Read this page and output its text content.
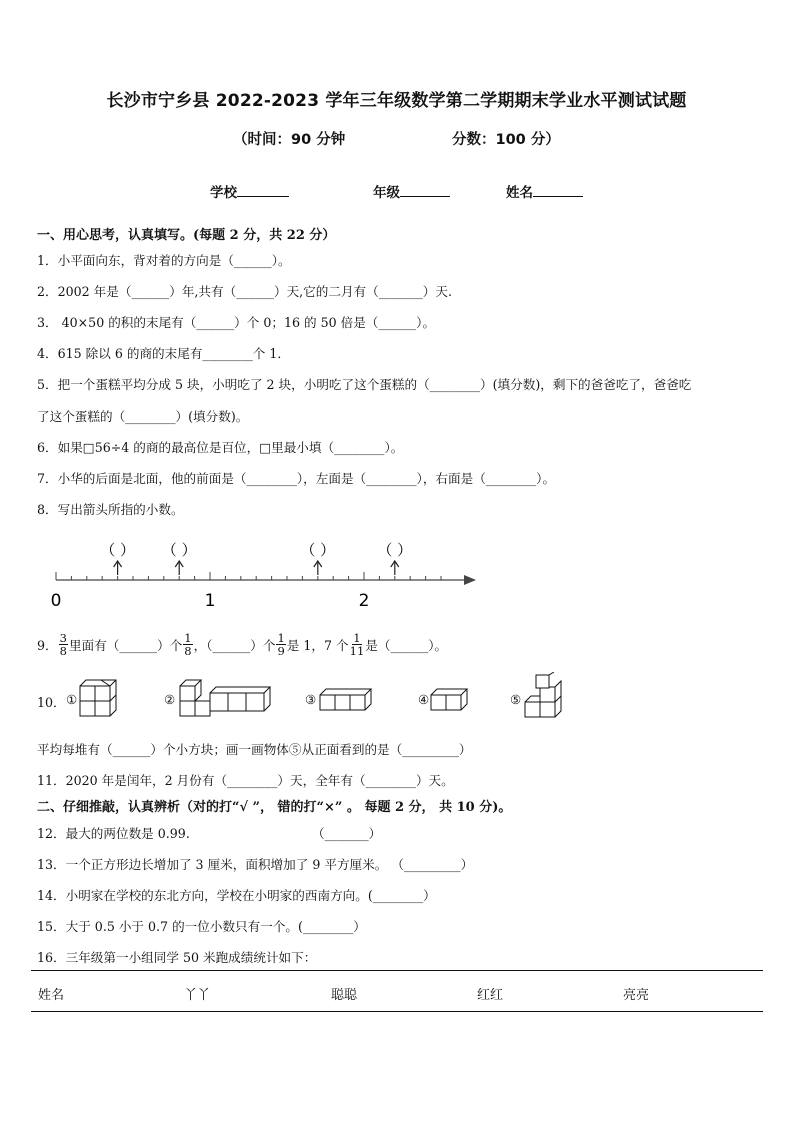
长沙市宁乡县 2022-2023 学年三年级数学第二学期期末学业水平测试试题
（时间：90 分钟	分数：100 分）
学校	年级	姓名
一、用心思考，认真填写。(每题 2 分，共 22 分）
1．小平面向东，背对着的方向是（______）。
2．2002 年是（______）年,共有（______）天,它的二月有（_______）天.
3． 40×50 的积的末尾有（______）个 0；16 的 50 倍是（______）。
4．615 除以 6 的商的末尾有________个 1．
5．把一个蛋糕平均分成 5 块，小明吃了 2 块，小明吃了这个蛋糕的（________）(填分数)，剩下的爸爸吃了，爸爸吃
了这个蛋糕的（________）(填分数)。
6．如果□56÷4 的商的最高位是百位，□里最小填（________）。
7．小华的后面是北面，他的前面是（________），左面是（________），右面是（________）。
8．写出箭头所指的小数。
0	1	2
（ ） （ ）	（ ）	（ ）
9． $\frac{3}{8}$ 里面有（______）个 $\frac{1}{8}$ ，（______）个 $\frac{1}{9}$ 是 1，7 个 $\frac{1}{11}$ 是（______）。
10． ①	②	③	④	⑤
平均每堆有（______）个小方块；画一画物体⑤从正面看到的是（_________）
11．2020 年是闰年，2 月份有（________）天，全年有（________）天。
二、仔细推敲，认真辨析（对的打“√ ”， 错的打“×” 。 每题 2 分， 共 10 分)。
12．最大的两位数是 0.99.	（_______）
13．一个正方形边长增加了 3 厘米，面积增加了 9 平方厘米。 （_________）
14．小明家在学校的东北方向，学校在小明家的西南方向。(________）
15．大于 0.5 小于 0.7 的一位小数只有一个。(________）
16．三年级第一小组同学 50 米跑成绩统计如下：
姓名	丫丫	聪聪	红红	亮亮
